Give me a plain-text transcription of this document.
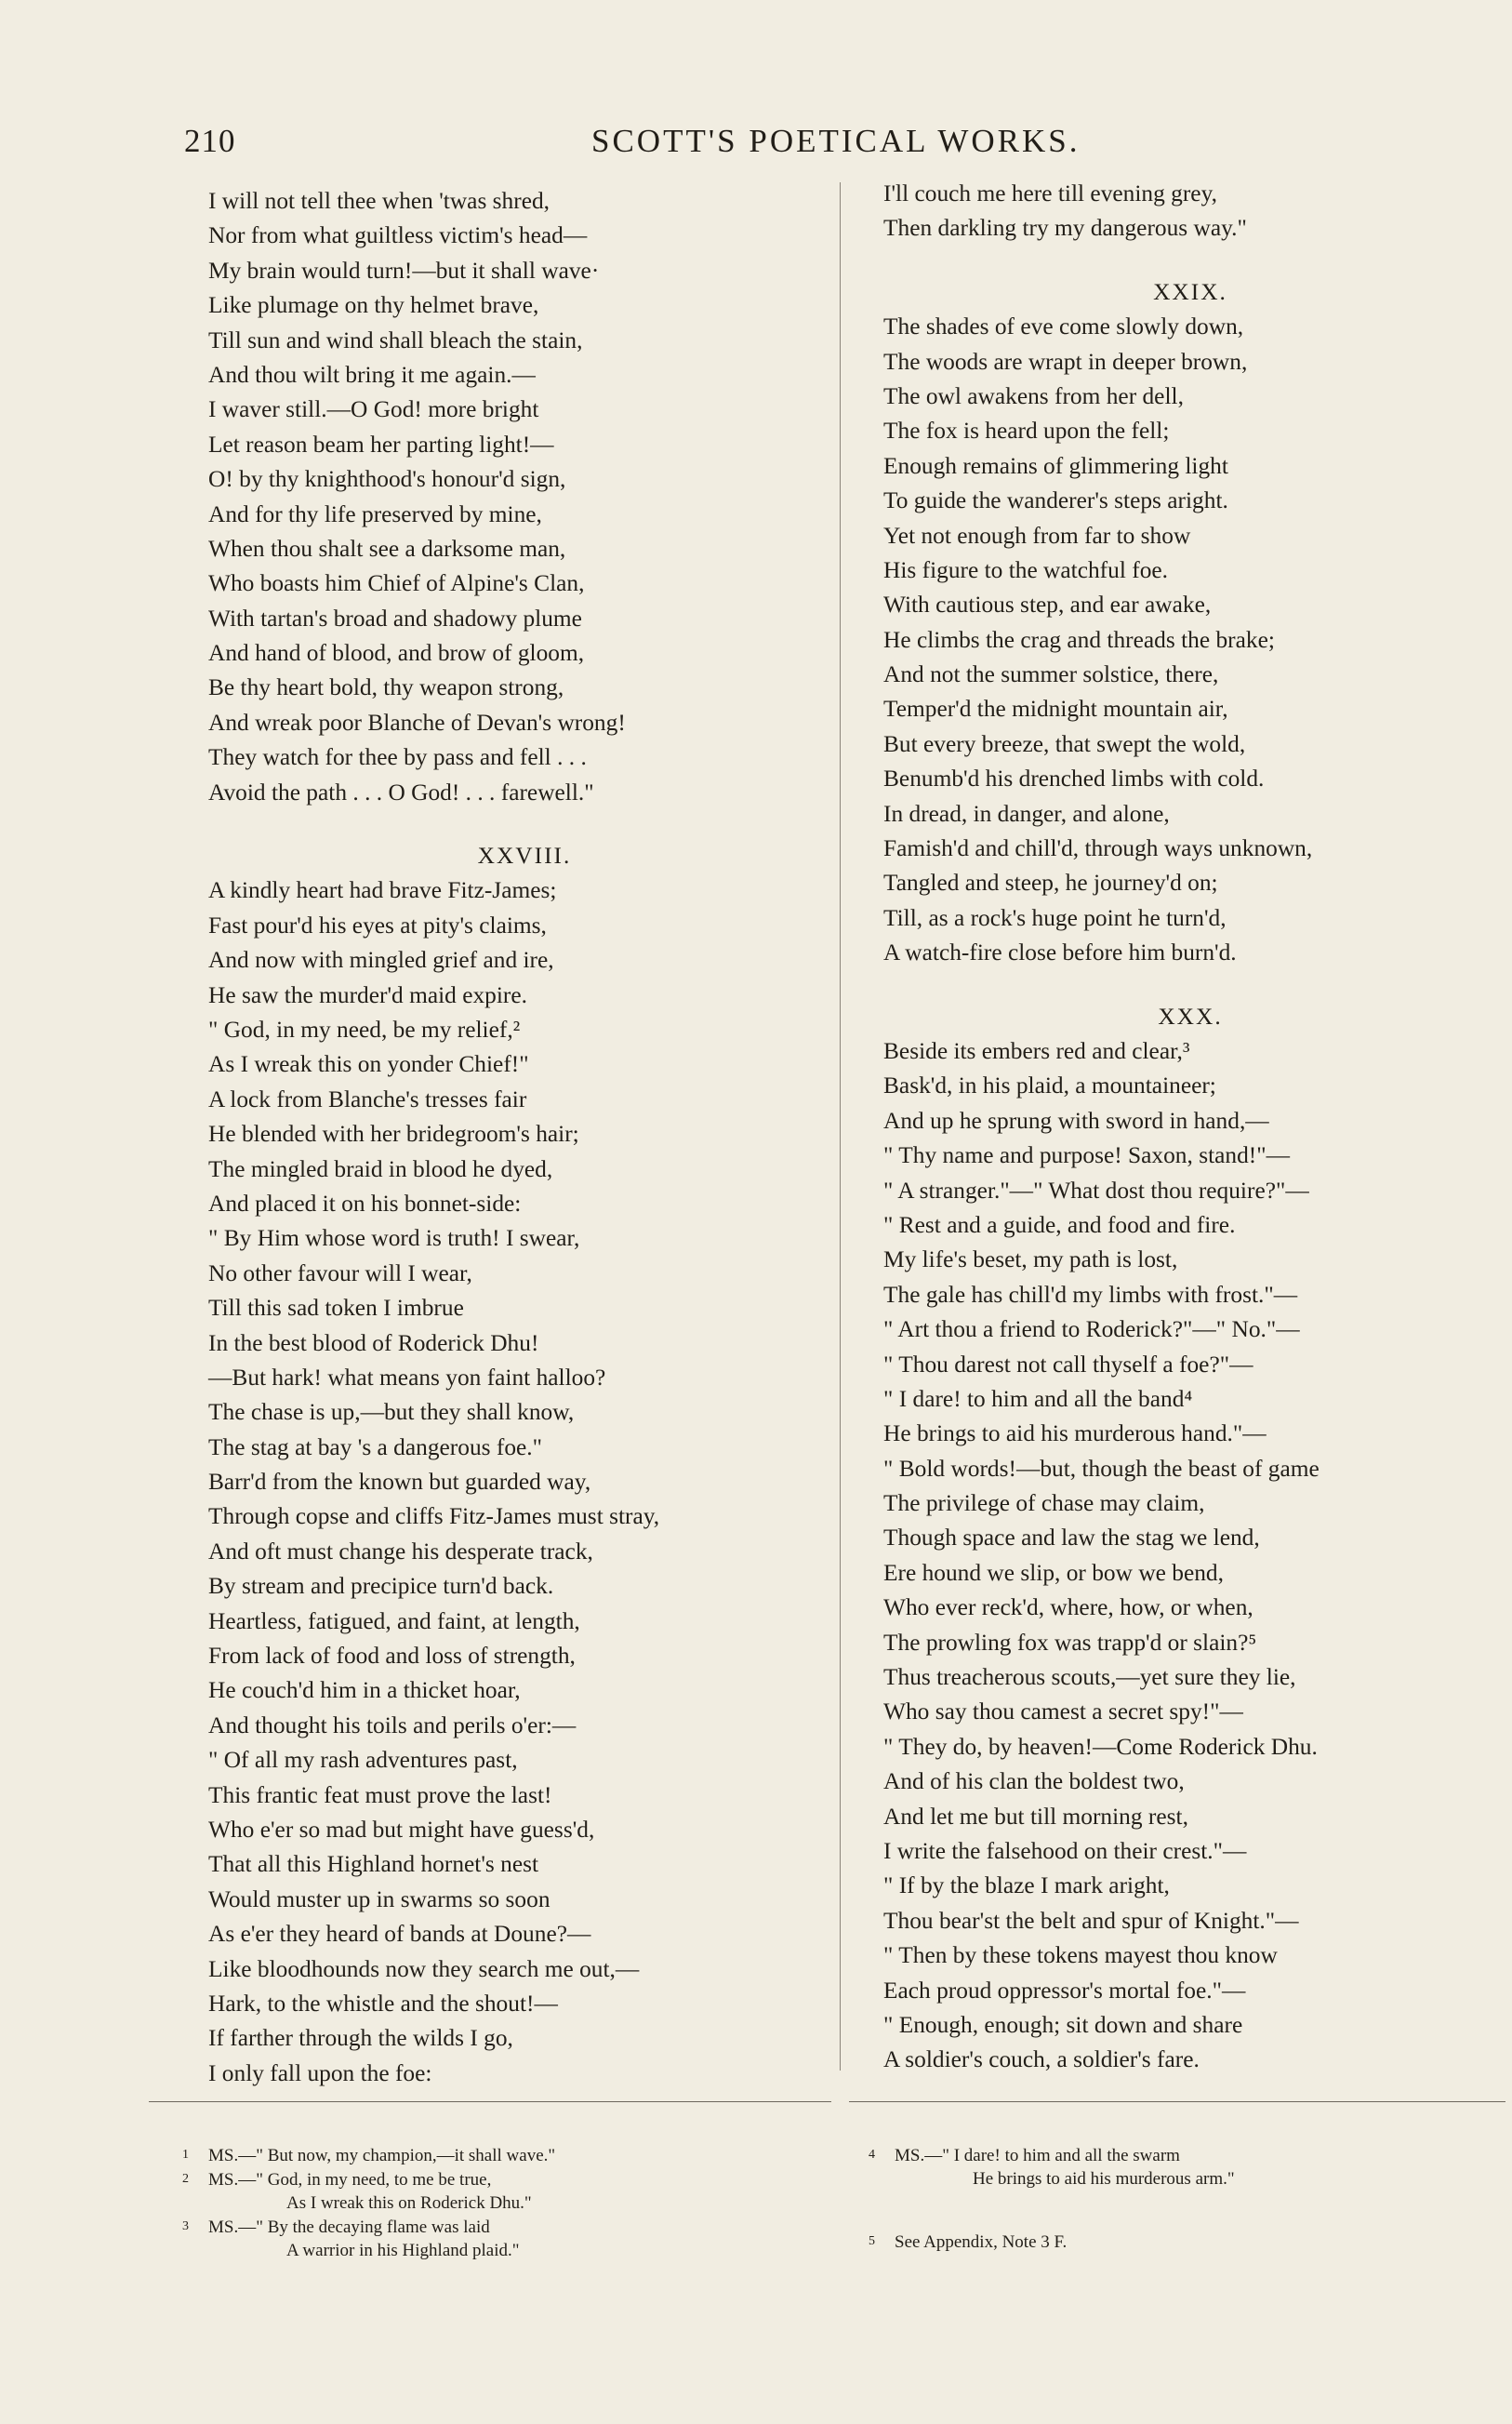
210	SCOTT'S POETICAL WORKS.
I will not tell thee when 'twas shred,
Nor from what guiltless victim's head—
My brain would turn!—but it shall wave·
Like plumage on thy helmet brave,
Till sun and wind shall bleach the stain,
And thou wilt bring it me again.—
I waver still.—O God! more bright
Let reason beam her parting light!—
O! by thy knighthood's honour'd sign,
And for thy life preserved by mine,
When thou shalt see a darksome man,
Who boasts him Chief of Alpine's Clan,
With tartan's broad and shadowy plume
And hand of blood, and brow of gloom,
Be thy heart bold, thy weapon strong,
And wreak poor Blanche of Devan's wrong!
They watch for thee by pass and fell . . .
Avoid the path . . . O God! . . . farewell."
XXVIII.
A kindly heart had brave Fitz-James;
Fast pour'd his eyes at pity's claims,
And now with mingled grief and ire,
He saw the murder'd maid expire.
" God, in my need, be my relief,²
As I wreak this on yonder Chief!"
A lock from Blanche's tresses fair
He blended with her bridegroom's hair;
The mingled braid in blood he dyed,
And placed it on his bonnet-side:
" By Him whose word is truth! I swear,
No other favour will I wear,
Till this sad token I imbrue
In the best blood of Roderick Dhu!
—But hark! what means yon faint halloo?
The chase is up,—but they shall know,
The stag at bay 's a dangerous foe."
Barr'd from the known but guarded way,
Through copse and cliffs Fitz-James must stray,
And oft must change his desperate track,
By stream and precipice turn'd back.
Heartless, fatigued, and faint, at length,
From lack of food and loss of strength,
He couch'd him in a thicket hoar,
And thought his toils and perils o'er:—
" Of all my rash adventures past,
This frantic feat must prove the last!
Who e'er so mad but might have guess'd,
That all this Highland hornet's nest
Would muster up in swarms so soon
As e'er they heard of bands at Doune?—
Like bloodhounds now they search me out,—
Hark, to the whistle and the shout!—
If farther through the wilds I go,
I only fall upon the foe:
I'll couch me here till evening grey,
Then darkling try my dangerous way."
XXIX.
The shades of eve come slowly down,
The woods are wrapt in deeper brown,
The owl awakens from her dell,
The fox is heard upon the fell;
Enough remains of glimmering light
To guide the wanderer's steps aright.
Yet not enough from far to show
His figure to the watchful foe.
With cautious step, and ear awake,
He climbs the crag and threads the brake;
And not the summer solstice, there,
Temper'd the midnight mountain air,
But every breeze, that swept the wold,
Benumb'd his drenched limbs with cold.
In dread, in danger, and alone,
Famish'd and chill'd, through ways unknown,
Tangled and steep, he journey'd on;
Till, as a rock's huge point he turn'd,
A watch-fire close before him burn'd.
XXX.
Beside its embers red and clear,³
Bask'd, in his plaid, a mountaineer;
And up he sprung with sword in hand,—
" Thy name and purpose! Saxon, stand!"—
" A stranger."—" What dost thou require?"—
" Rest and a guide, and food and fire.
My life's beset, my path is lost,
The gale has chill'd my limbs with frost."—
" Art thou a friend to Roderick?"—" No."—
" Thou darest not call thyself a foe?"—
" I dare! to him and all the band⁴
He brings to aid his murderous hand."—
" Bold words!—but, though the beast of game
The privilege of chase may claim,
Though space and law the stag we lend,
Ere hound we slip, or bow we bend,
Who ever reck'd, where, how, or when,
The prowling fox was trapp'd or slain?⁵
Thus treacherous scouts,—yet sure they lie,
Who say thou camest a secret spy!"—
" They do, by heaven!—Come Roderick Dhu.
And of his clan the boldest two,
And let me but till morning rest,
I write the falsehood on their crest."—
" If by the blaze I mark aright,
Thou bear'st the belt and spur of Knight."—
" Then by these tokens mayest thou know
Each proud oppressor's mortal foe."—
" Enough, enough; sit down and share
A soldier's couch, a soldier's fare.
1 MS.—" But now, my champion,—it shall wave."
2 MS.—" God, in my need, to me be true,
As I wreak this on Roderick Dhu."
3 MS.—" By the decaying flame was laid
A warrior in his Highland plaid."
4 MS.—" I dare! to him and all the swarm
He brings to aid his murderous arm."
5 See Appendix, Note 3 F.
